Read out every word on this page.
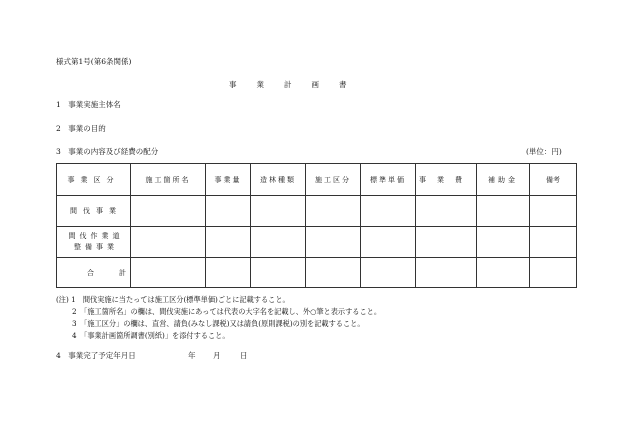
様式第1号(第6条関係)
事業計画書
1　事業実施主体名
2　事業の目的
3　事業の内容及び経費の配分	(単位：円)
事業区分	施工箇所名	事業量	造林種類	施工区分	標準単価	事業費	補助金	備考
間伐事業								

間伐作業道
整備事業								

合 計								

(注) 1　間伐実施に当たっては施工区分(標準単価)ごとに記載すること。
2　「施工箇所名」の欄は、間伐実施にあっては代表の大字名を記載し、外○筆と表示すること。
3　「施工区分」の欄は、直営、請負(みなし課税)又は請負(原則課税)の別を記載すること。
4　「事業計画箇所調書(別紙)」を添付すること。
4　事業完了予定年月日	年 月	日
